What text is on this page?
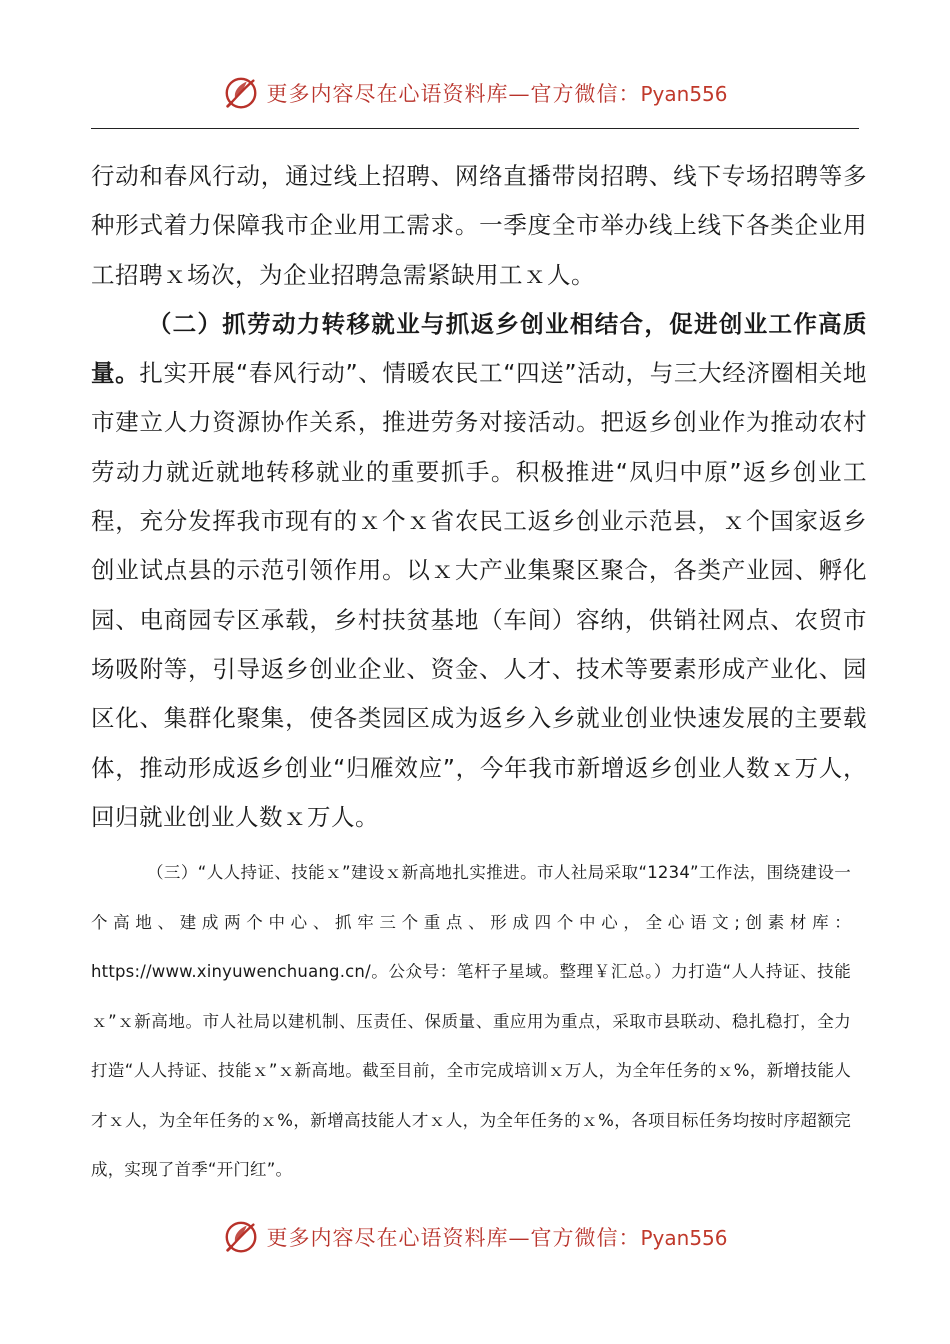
更多内容尽在心语资料库—官方微信：Pyan556

行动和春风行动，通过线上招聘、网络直播带岗招聘、线下专场招聘等多种形式着力保障我市企业用工需求。一季度全市举办线上线下各类企业用工招聘ｘ场次，为企业招聘急需紧缺用工ｘ人。

（二）抓劳动力转移就业与抓返乡创业相结合，促进创业工作高质量。扎实开展“春风行动”、情暖农民工“四送”活动，与三大经济圈相关地市建立人力资源协作关系，推进劳务对接活动。把返乡创业作为推动农村劳动力就近就地转移就业的重要抓手。积极推进“凤归中原”返乡创业工程，充分发挥我市现有的ｘ个ｘ省农民工返乡创业示范县，ｘ个国家返乡创业试点县的示范引领作用。以ｘ大产业集聚区聚合，各类产业园、孵化园、电商园专区承载，乡村扶贫基地（车间）容纳，供销社网点、农贸市场吸附等，引导返乡创业企业、资金、人才、技术等要素形成产业化、园区化、集群化聚集，使各类园区成为返乡入乡就业创业快速发展的主要载体，推动形成返乡创业“归雁效应”，今年我市新增返乡创业人数ｘ万人，回归就业创业人数ｘ万人。

（三）“人人持证、技能ｘ”建设ｘ新高地扎实推进。市人社局采取“1234”工作法，围绕建设一个高地、建成两个中心、抓牢三个重点、形成四个中心，全心语文;创素材库：https://www.xinyuwenchuang.cn/。公众号：笔杆子星域。整理￥汇总。）力打造“人人持证、技能ｘ”ｘ新高地。市人社局以建机制、压责任、保质量、重应用为重点，采取市县联动、稳扎稳打，全力打造“人人持证、技能ｘ”ｘ新高地。截至目前，全市完成培训ｘ万人，为全年任务的ｘ%，新增技能人才ｘ人，为全年任务的ｘ%，新增高技能人才ｘ人，为全年任务的ｘ%，各项目标任务均按时序超额完成，实现了首季“开门红”。

更多内容尽在心语资料库—官方微信：Pyan556
